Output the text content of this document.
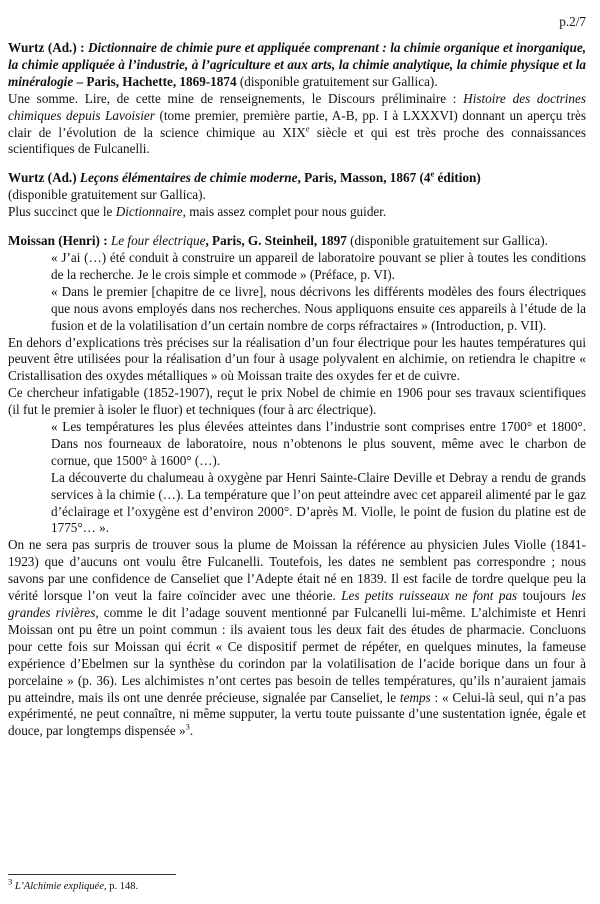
p.2/7

Wurtz (Ad.) : Dictionnaire de chimie pure et appliquée comprenant : la chimie organique et inorganique, la chimie appliquée à l’industrie, à l’agriculture et aux arts, la chimie analytique, la chimie physique et la minéralogie – Paris, Hachette, 1869-1874 (disponible gratuitement sur Gallica).

Une somme. Lire, de cette mine de renseignements, le Discours préliminaire : Histoire des doctrines chimiques depuis Lavoisier (tome premier, première partie, A-B, pp. I à LXXXVI) donnant un aperçu très clair de l’évolution de la science chimique au XIXe siècle et qui est très proche des connaissances scientifiques de Fulcanelli.

Wurtz (Ad.) Leçons élémentaires de chimie moderne, Paris, Masson, 1867 (4e édition)

(disponible gratuitement sur Gallica).

Plus succinct que le Dictionnaire, mais assez complet pour nous guider.

Moissan (Henri) : Le four électrique, Paris, G. Steinheil, 1897 (disponible gratuitement sur Gallica).

« J’ai (…) été conduit à construire un appareil de laboratoire pouvant se plier à toutes les conditions de la recherche. Je le crois simple et commode » (Préface, p. VI).

« Dans le premier [chapitre de ce livre], nous décrivons les différents modèles des fours électriques que nous avons employés dans nos recherches. Nous appliquons ensuite ces appareils à l’étude de la fusion et de la volatilisation d’un certain nombre de corps réfractaires » (Introduction, p. VII).

En dehors d’explications très précises sur la réalisation d’un four électrique pour les hautes températures qui peuvent être utilisées pour la réalisation d’un four à usage polyvalent en alchimie, on retiendra le chapitre « Cristallisation des oxydes métalliques » où Moissan traite des oxydes fer et de cuivre.

Ce chercheur infatigable (1852-1907), reçut le prix Nobel de chimie en 1906 pour ses travaux scientifiques (il fut le premier à isoler le fluor) et techniques (four à arc électrique).

« Les températures les plus élevées atteintes dans l’industrie sont comprises entre 1700° et 1800°. Dans nos fourneaux de laboratoire, nous n’obtenons le plus souvent, même avec le charbon de cornue, que 1500° à 1600° (…).

La découverte du chalumeau à oxygène par Henri Sainte-Claire Deville et Debray a rendu de grands services à la chimie (…). La température que l’on peut atteindre avec cet appareil alimenté par le gaz d’éclairage et l’oxygène est d’environ 2000°. D’après M. Violle, le point de fusion du platine est de 1775°… ».

On ne sera pas surpris de trouver sous la plume de Moissan la référence au physicien Jules Violle (1841-1923) que d’aucuns ont voulu être Fulcanelli. Toutefois, les dates ne semblent pas correspondre ; nous savons par une confidence de Canseliet que l’Adepte était né en 1839. Il est facile de tordre quelque peu la vérité lorsque l’on veut la faire coïncider avec une théorie. Les petits ruisseaux ne font pas toujours les grandes rivières, comme le dit l’adage souvent mentionné par Fulcanelli lui-même. L’alchimiste et Henri Moissan ont pu être un point commun : ils avaient tous les deux fait des études de pharmacie. Concluons pour cette fois sur Moissan qui écrit « Ce dispositif permet de répéter, en quelques minutes, la fameuse expérience d’Ebelmen sur la synthèse du corindon par la volatilisation de l’acide borique dans un four à porcelaine » (p. 36). Les alchimistes n’ont certes pas besoin de telles températures, qu’ils n’auraient jamais pu atteindre, mais ils ont une denrée précieuse, signalée par Canseliet, le temps : « Celui-là seul, qui n’a pas expérimenté, ne peut connaître, ni même supputer, la vertu toute puissante d’une sustentation ignée, égale et douce, par longtemps dispensée »$^3$.

$^3$ L’Alchimie expliquée, p. 148.
